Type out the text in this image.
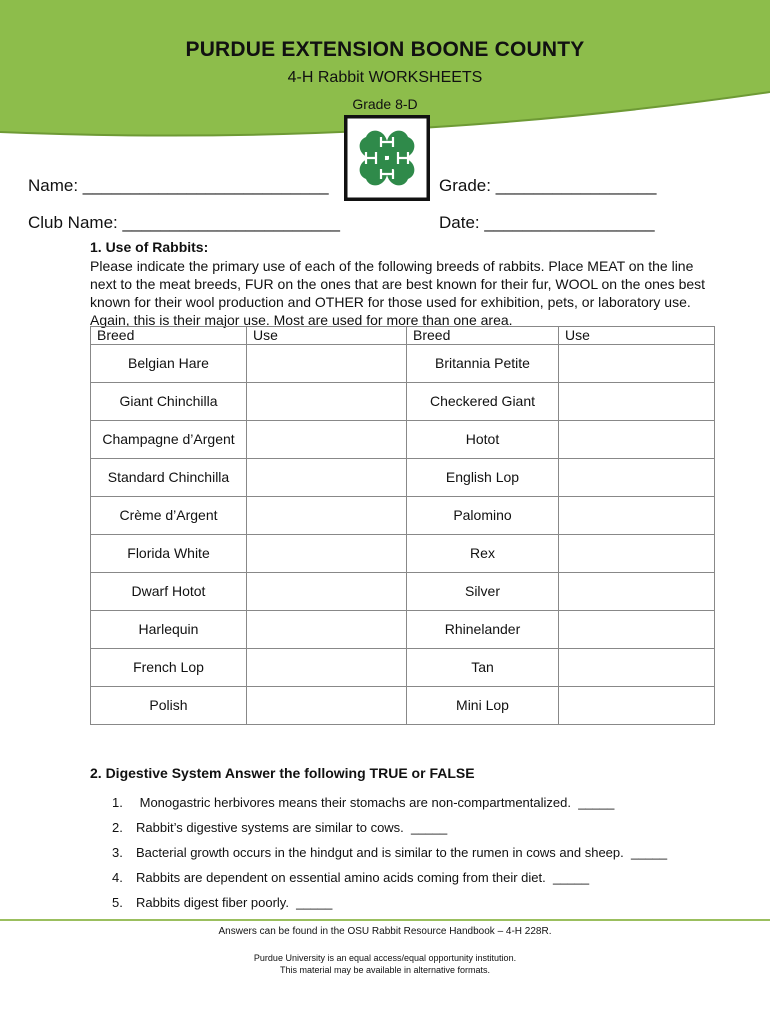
PURDUE EXTENSION BOONE COUNTY
4-H Rabbit WORKSHEETS
Grade 8-D
Name: __________________________	Grade: _________________
Club Name: _______________________	Date: __________________
1. Use of Rabbits:
Please indicate the primary use of each of the following breeds of rabbits. Place MEAT on the line next to the meat breeds, FUR on the ones that are best known for their fur, WOOL on the ones best known for their wool production and OTHER for those used for exhibition, pets, or laboratory use. Again, this is their major use. Most are used for more than one area.
Breed	Use	Breed	Use
Belgian Hare		Britannia Petite	
Giant Chinchilla		Checkered Giant	
Champagne d’Argent		Hotot	
Standard Chinchilla		English Lop	
Crème d’Argent		Palomino	
Florida White		Rex	
Dwarf Hotot		Silver	
Harlequin		Rhinelander	
French Lop		Tan	
Polish		Mini Lop	
2. Digestive System Answer the following TRUE or FALSE
1. Monogastric herbivores means their stomachs are non-compartmentalized.  _____
2. Rabbit’s digestive systems are similar to cows.  _____
3. Bacterial growth occurs in the hindgut and is similar to the rumen in cows and sheep.  _____
4. Rabbits are dependent on essential amino acids coming from their diet.  _____
5. Rabbits digest fiber poorly.  _____
Answers can be found in the OSU Rabbit Resource Handbook – 4-H 228R.
Purdue University is an equal access/equal opportunity institution.
This material may be available in alternative formats.
